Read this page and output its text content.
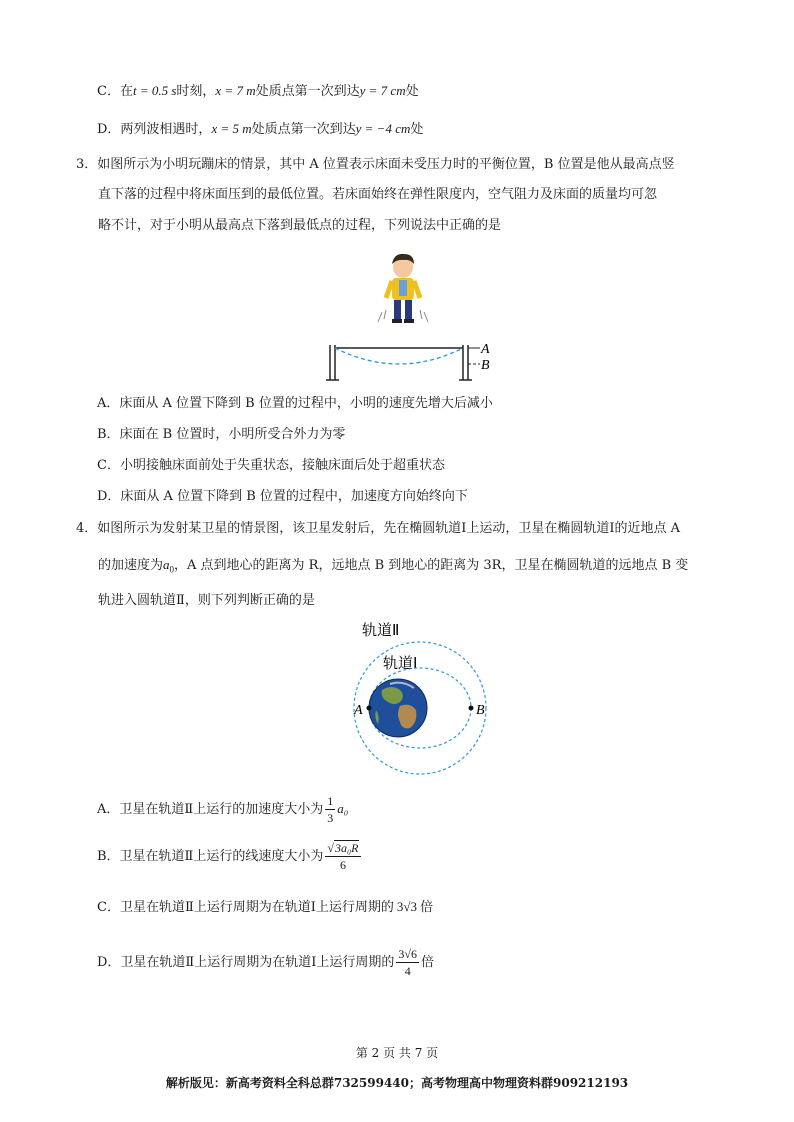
C．在t = 0.5 s时刻，x = 7 m处质点第一次到达y = 7 cm处
D．两列波相遇时，x = 5 m处质点第一次到达y = −4 cm处
3．如图所示为小明玩蹦床的情景，其中 A 位置表示床面未受压力时的平衡位置，B 位置是他从最高点竖
直下落的过程中将床面压到的最低位置。若床面始终在弹性限度内，空气阻力及床面的质量均可忽
略不计，对于小明从最高点下落到最低点的过程，下列说法中正确的是
A
B
A．床面从 A 位置下降到 B 位置的过程中，小明的速度先增大后减小
B．床面在 B 位置时，小明所受合外力为零
C．小明接触床面前处于失重状态，接触床面后处于超重状态
D．床面从 A 位置下降到 B 位置的过程中，加速度方向始终向下
4．如图所示为发射某卫星的情景图，该卫星发射后，先在椭圆轨道Ⅰ上运动，卫星在椭圆轨道Ⅰ的近地点 A
的加速度为$a_0$，A 点到地心的距离为 R，远地点 B 到地心的距离为 3R，卫星在椭圆轨道的远地点 B 变
轨进入圆轨道Ⅱ，则下列判断正确的是
轨道Ⅱ
轨道Ⅰ
A	B
A．卫星在轨道Ⅱ上运行的加速度大小为 $\frac{1}{3} a_0$
B．卫星在轨道Ⅱ上运行的线速度大小为 $\frac{\text{√3a₀R}}{6}$
C．卫星在轨道Ⅱ上运行周期为在轨道Ⅰ上运行周期的 3√3 倍
D．卫星在轨道Ⅱ上运行周期为在轨道Ⅰ上运行周期的 $\frac{3√6}{4}$ 倍
第 2 页 共 7 页
解析版见：新高考资料全科总群732599440；高考物理高中物理资料群909212193
